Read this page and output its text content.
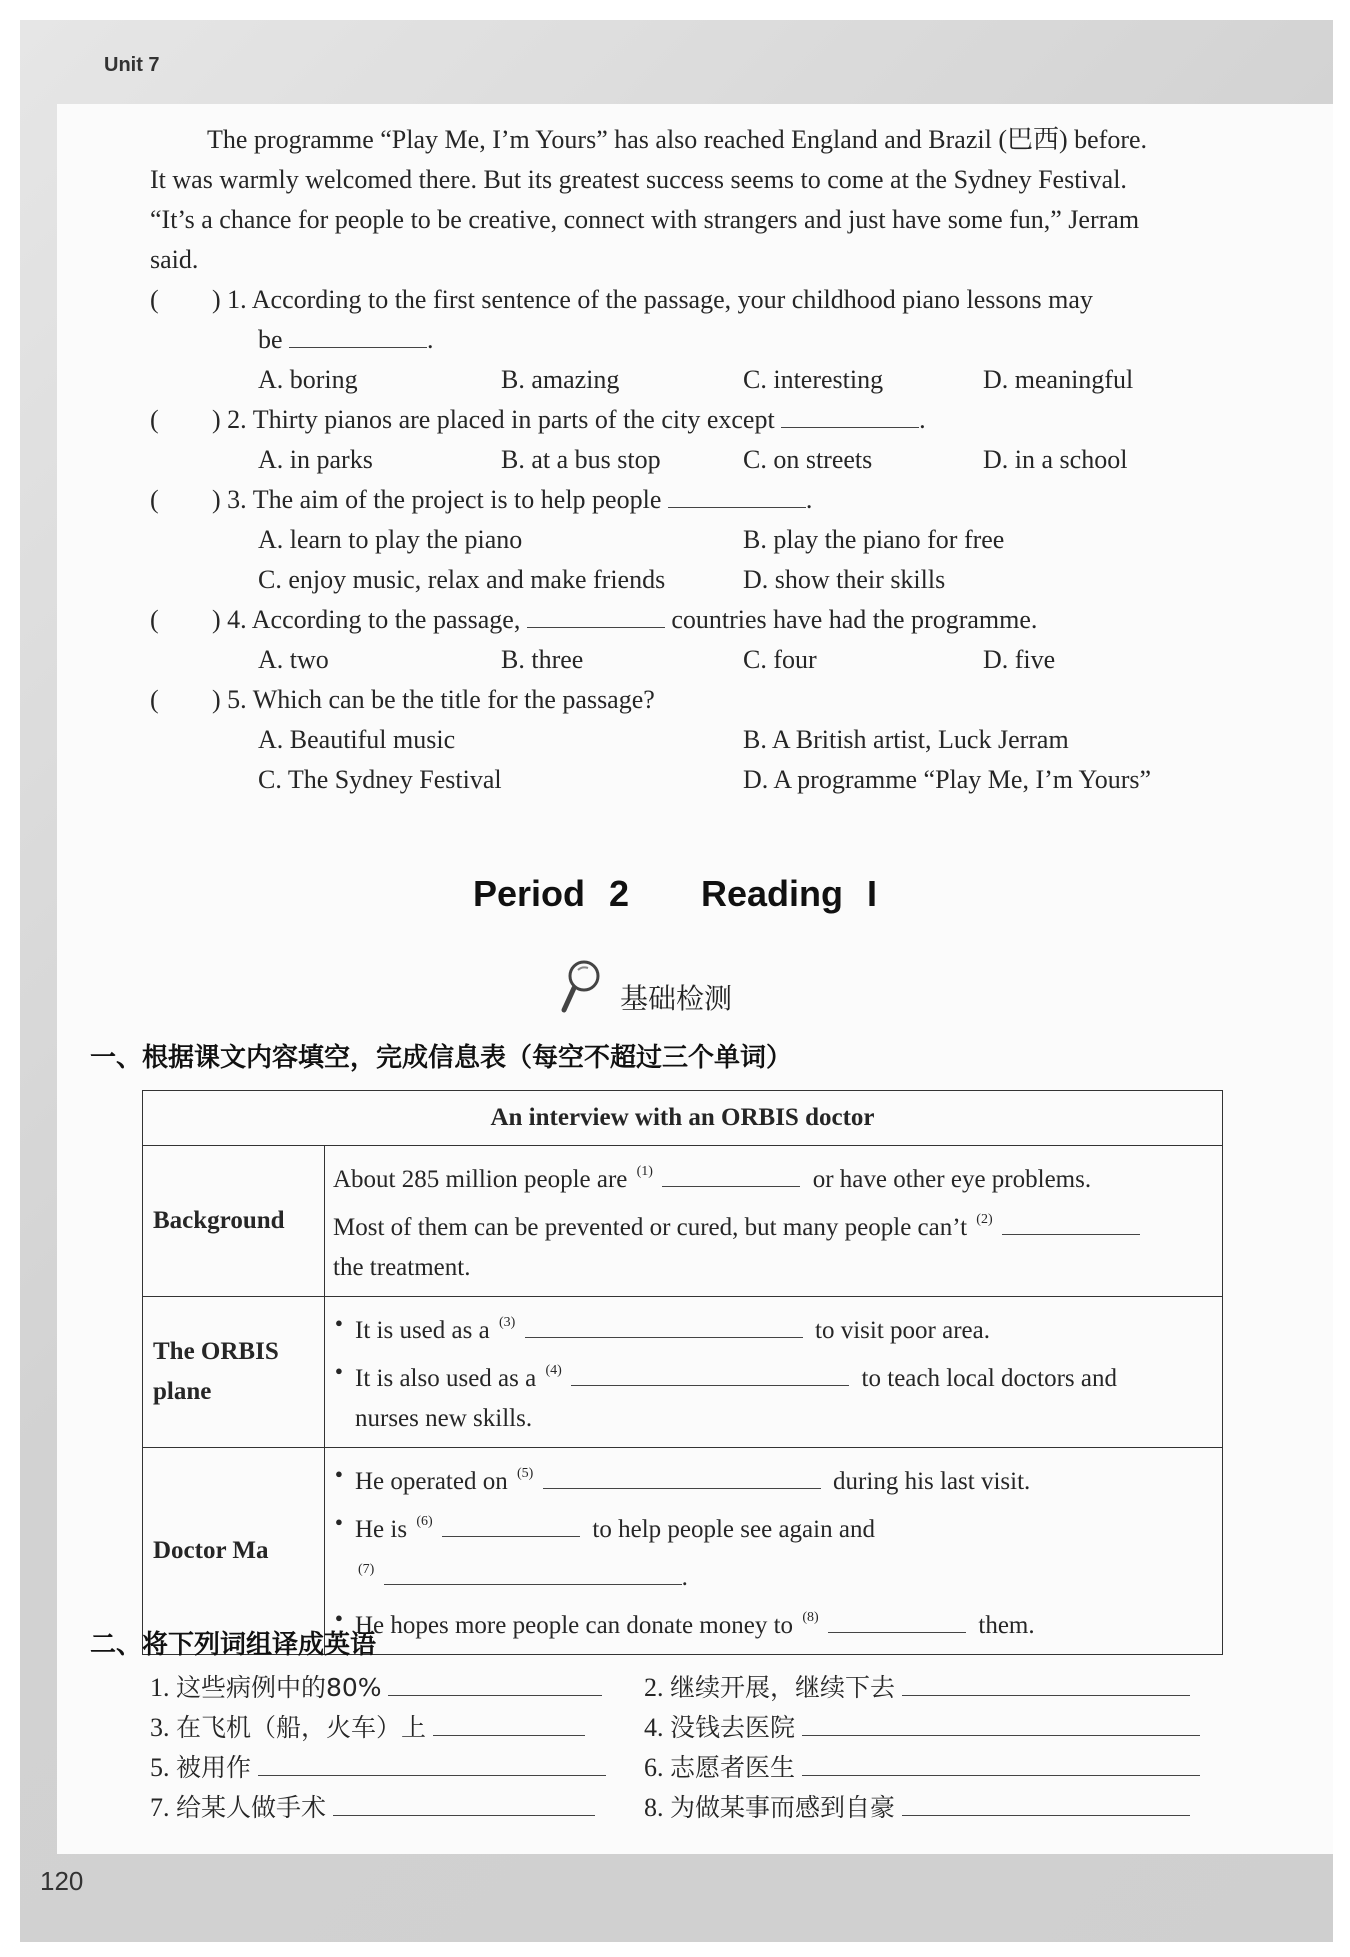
Unit 7
The programme “Play Me, I’m Yours” has also reached England and Brazil (巴西) before.
It was warmly welcomed there. But its greatest success seems to come at the Sydney Festival.
“It’s a chance for people to be creative, connect with strangers and just have some fun,” Jerram
said.
( ) 1. According to the first sentence of the passage, your childhood piano lessons may
be	.
A. boring	B. amazing	C. interesting	D. meaningful
( ) 2. Thirty pianos are placed in parts of the city except	.
A. in parks	B. at a bus stop	C. on streets	D. in a school
( ) 3. The aim of the project is to help people	.
A. learn to play the piano	B. play the piano for free
C. enjoy music, relax and make friends	D. show their skills
( ) 4. According to the passage,	countries have had the programme.
A. two	B. three	C. four	D. five
( ) 5. Which can be the title for the passage?
A. Beautiful music	B. A British artist, Luck Jerram
C. The Sydney Festival	D. A programme “Play Me, I’m Yours”
Period 2 Reading I
基础检测
一、根据课文内容填空，完成信息表（每空不超过三个单词）
An interview with an ORBIS doctor	
Background	About 285 million people are $^{(1)}$ or have other eye problems.
Most of them can be prevented or cured, but many people can’t $^{(2)}$
the treatment.

The ORBIS plane	● It is used as a $^{(3)}$ to visit poor area.
● It is also used as a $^{(4)}$ to teach local doctors and
nurses new skills.

Doctor Ma	● He operated on $^{(5)}$ during his last visit.
● He is $^{(6)}$ to help people see again and
$^{(7)}$ .
● He hopes more people can donate money to $^{(8)}$ them.
二、将下列词组译成英语
1. 这些病例中的80%	2. 继续开展，继续下去
3. 在飞机（船，火车）上	4. 没钱去医院
5. 被用作	6. 志愿者医生
7. 给某人做手术	8. 为做某事而感到自豪
120
